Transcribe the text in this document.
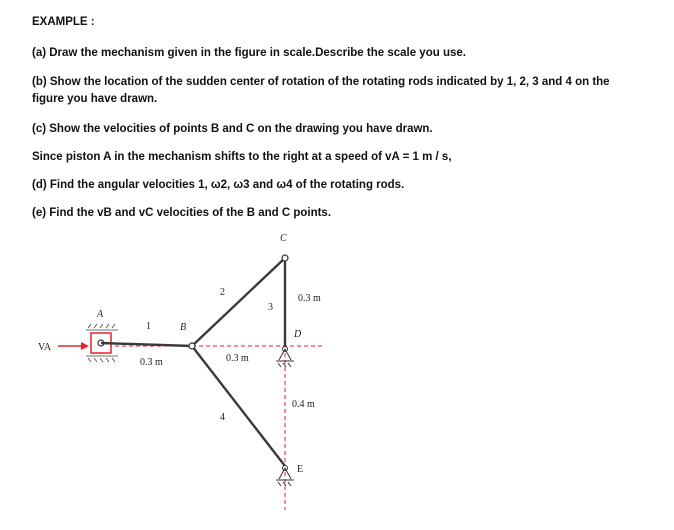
EXAMPLE :
(a) Draw the mechanism given in the figure in scale.Describe the scale you use.
(b) Show the location of the sudden center of rotation of the rotating rods indicated by 1, 2, 3 and 4 on the figure you have drawn.
(c) Show the velocities of points B and C on the drawing you have drawn.
Since piston A in the mechanism shifts to the right at a speed of vA = 1 m / s,
(d) Find the angular velocities 1, ω2, ω3 and ω4 of the rotating rods.
(e) Find the vB and vC velocities of the B and C points.
VA
A
B
C
D
E
1
2
3
4
0.3 m	0.3 m
0.3 m
0.4 m
